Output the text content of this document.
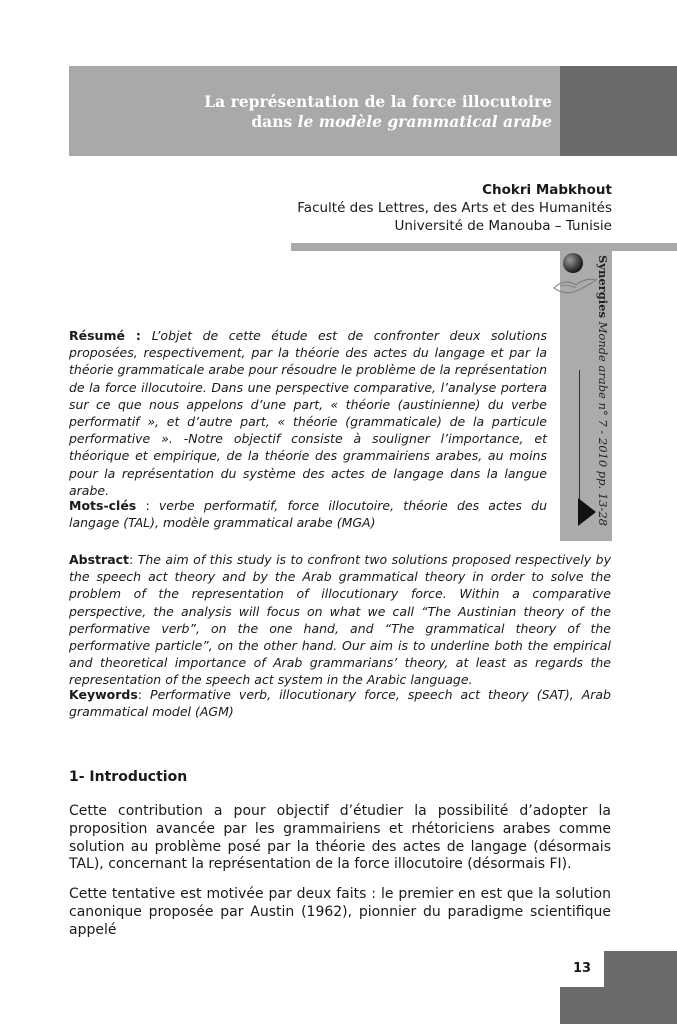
La représentation de la force illocutoire
dans le modèle grammatical arabe
Chokri Mabkhout
Faculté des Lettres, des Arts et des Humanités
Université de Manouba – Tunisie
Synergies Monde arabe n° 7 - 2010 pp. 13-28

Résumé : L’objet de cette étude est de confronter deux solutions proposées, respectivement, par la théorie des actes du langage et par la théorie grammaticale arabe pour résoudre le problème de la représentation de la force illocutoire. Dans une perspective comparative, l’analyse portera sur ce que nous appelons d’une part, « théorie (austinienne) du verbe performatif », et d’autre part, « théorie (grammaticale) de la particule performative ». -Notre objectif consiste à souligner l’importance, et théorique et empirique, de la théorie des grammairiens arabes, au moins pour la représentation du système des actes de langage dans la langue arabe.

Mots-clés : verbe performatif, force illocutoire, théorie des actes du langage (TAL), modèle grammatical arabe (MGA)

Abstract: The aim of this study is to confront two solutions proposed respectively by the speech act theory and by the Arab grammatical theory in order to solve the problem of the representation of illocutionary force. Within a comparative perspective, the analysis will focus on what we call “The Austinian theory of the performative verb”, on the one hand, and “The grammatical theory of the performative particle”, on the other hand. Our aim is to underline both the empirical and theoretical importance of Arab grammarians’ theory, at least as regards the representation of the speech act system in the Arabic language.

Keywords: Performative verb, illocutionary force, speech act theory (SAT), Arab grammatical model (AGM)

1- Introduction

Cette contribution a pour objectif d’étudier la possibilité d’adopter la proposition avancée par les grammairiens et rhétoriciens arabes comme solution au problème posé par la théorie des actes de langage (désormais TAL), concernant la représentation de la force illocutoire (désormais FI).

Cette tentative est motivée par deux faits : le premier en est que la solution canonique proposée par Austin (1962), pionnier du paradigme scientifique appelé

13
